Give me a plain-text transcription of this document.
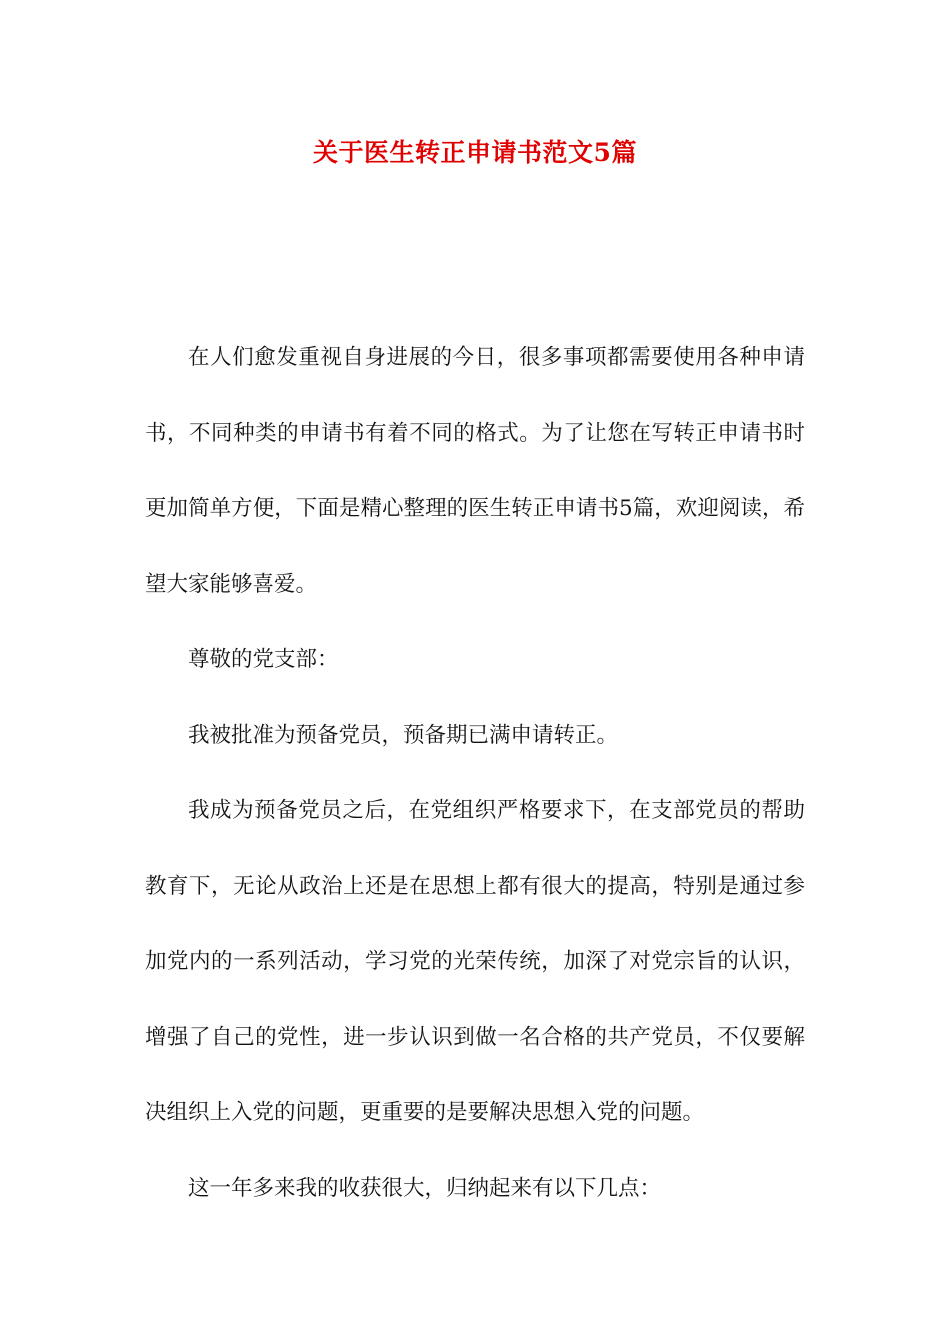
关于医生转正申请书范文5篇

在人们愈发重视自身进展的今日，很多事项都需要使用各种申请书，不同种类的申请书有着不同的格式。为了让您在写转正申请书时更加简单方便，下面是精心整理的医生转正申请书5篇，欢迎阅读，希望大家能够喜爱。

尊敬的党支部：

我被批准为预备党员，预备期已满申请转正。

我成为预备党员之后，在党组织严格要求下，在支部党员的帮助教育下，无论从政治上还是在思想上都有很大的提高，特别是通过参加党内的一系列活动，学习党的光荣传统，加深了对党宗旨的认识，增强了自己的党性，进一步认识到做一名合格的共产党员，不仅要解决组织上入党的问题，更重要的是要解决思想入党的问题。

这一年多来我的收获很大，归纳起来有以下几点：
